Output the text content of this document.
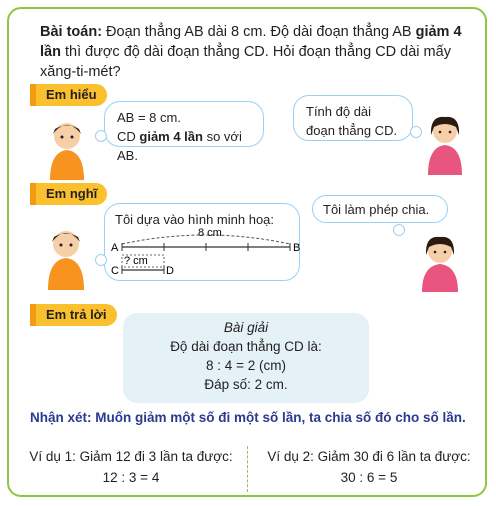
Bài toán: Đoạn thẳng AB dài 8 cm. Độ dài đoạn thẳng AB giảm 4 lần thì được độ dài đoạn thẳng CD. Hỏi đoạn thẳng CD dài mấy xăng-ti-mét?
Em hiểu
AB = 8 cm.
CD giảm 4 lần so với AB.
Tính độ dài đoạn thẳng CD.
Em nghĩ
Tôi dựa vào hình minh hoạ:
8 cm
A	B
? cm
C	D
Tôi làm phép chia.
Em trả lời
Bài giải
Độ dài đoạn thẳng CD là:
8 : 4 = 2 (cm)
Đáp số: 2 cm.
Nhận xét: Muốn giảm một số đi một số lần, ta chia số đó cho số lần.
Ví dụ 1: Giảm 12 đi 3 lần ta được:
12 : 3 = 4
Ví dụ 2: Giảm 30 đi 6 lần ta được:
30 : 6 = 5
